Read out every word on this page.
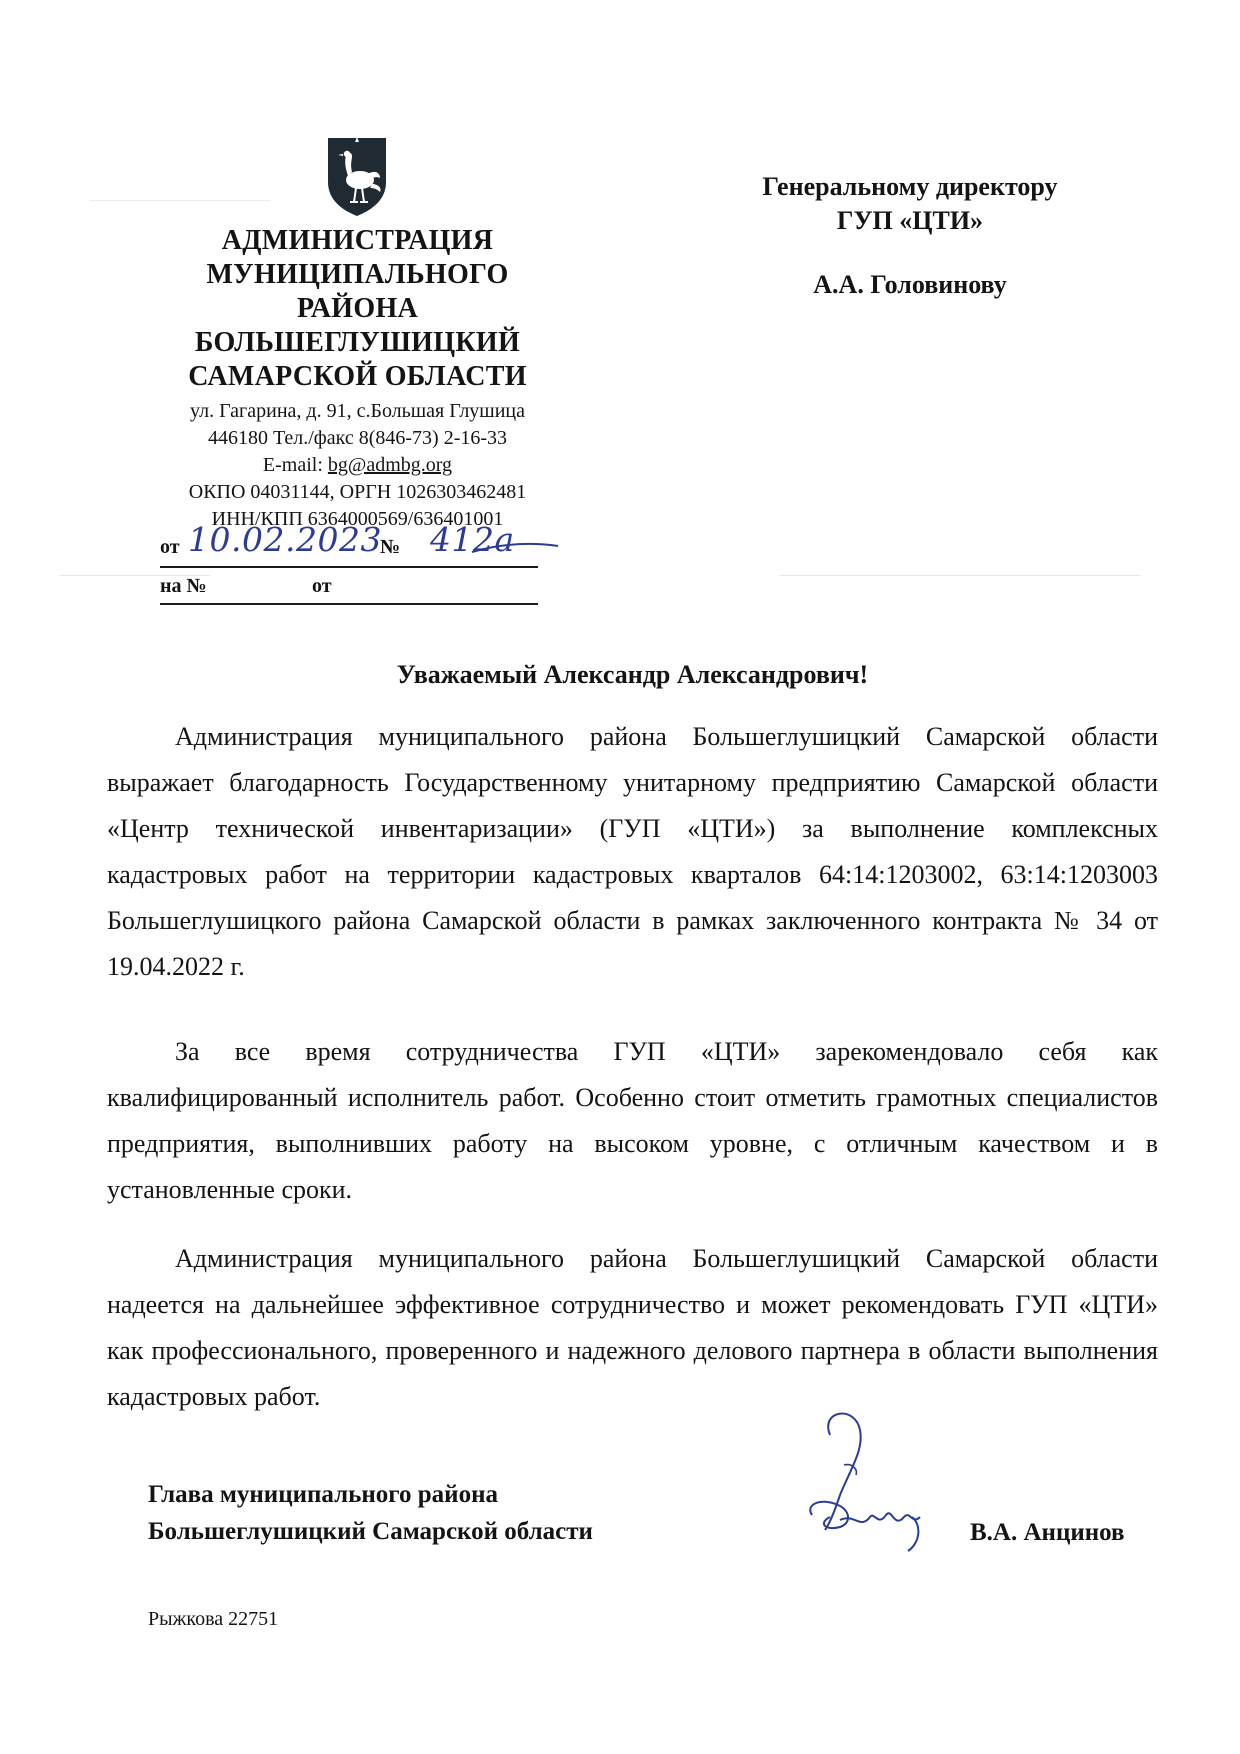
АДМИНИСТРАЦИЯ
МУНИЦИПАЛЬНОГО
РАЙОНА
БОЛЬШЕГЛУШИЦКИЙ
САМАРСКОЙ ОБЛАСТИ
ул. Гагарина, д. 91, с.Большая Глушица
446180 Тел./факс 8(846-73) 2-16-33
E-mail: bg@admbg.org
ОКПО 04031144, ОРГН 1026303462481
ИНН/КПП 6364000569/636401001
от 10.02.2023
№ 412а
на №	от
Генеральному директору
ГУП «ЦТИ»
А.А. Головинову
Уважаемый Александр Александрович!
Администрация муниципального района Большеглушицкий Самарской области выражает благодарность Государственному унитарному предприятию Самарской области «Центр технической инвентаризации» (ГУП «ЦТИ») за выполнение комплексных кадастровых работ на территории кадастровых кварталов 64:14:1203002, 63:14:1203003 Большеглушицкого района Самарской области в рамках заключенного контракта № 34 от 19.04.2022 г.
За все время сотрудничества ГУП «ЦТИ» зарекомендовало себя как квалифицированный исполнитель работ. Особенно стоит отметить грамотных специалистов предприятия, выполнивших работу на высоком уровне, с отличным качеством и в установленные сроки.
Администрация муниципального района Большеглушицкий Самарской области надеется на дальнейшее эффективное сотрудничество и может рекомендовать ГУП «ЦТИ» как профессионального, проверенного и надежного делового партнера в области выполнения кадастровых работ.
Глава муниципального района
Большеглушицкий Самарской области	В.А. Анцинов
Рыжкова 22751
